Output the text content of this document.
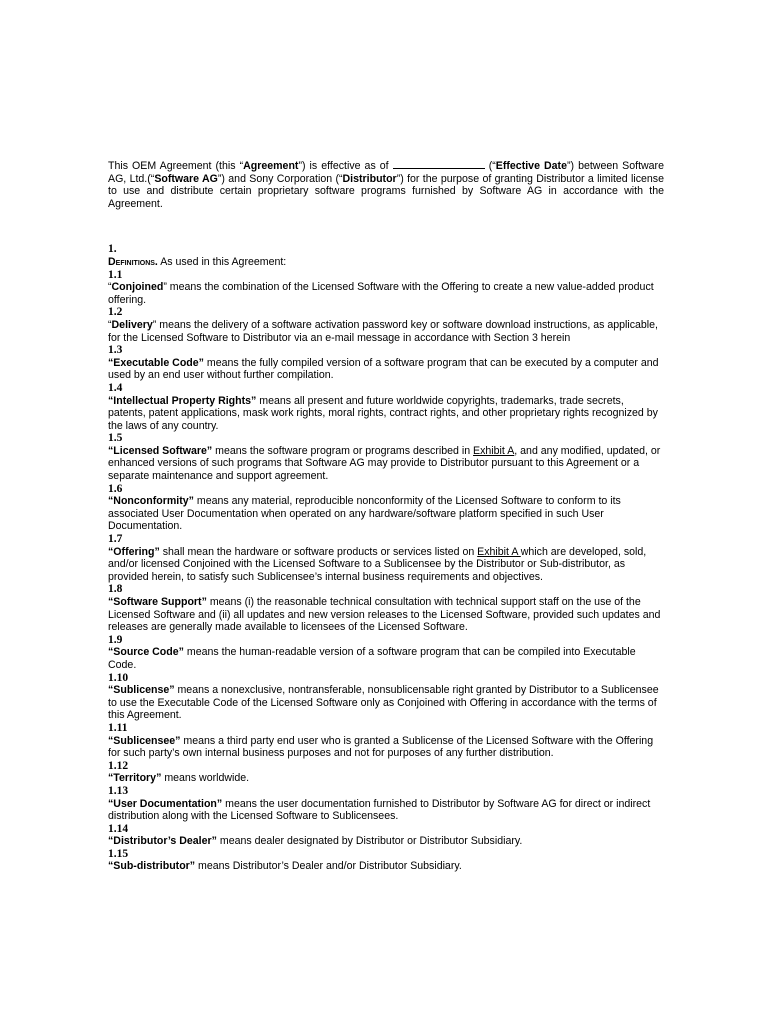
This OEM Agreement (this “Agreement”) is effective as of	(“Effective Date”) between Software AG, Ltd.(“Software AG”) and Sony Corporation (“Distributor”) for the purpose of granting Distributor a limited license to use and distribute certain proprietary software programs furnished by Software AG in accordance with the Agreement.

1.

Definitions. As used in this Agreement:

1.1

“Conjoined” means the combination of the Licensed Software with the Offering to create a new value-added product offering.

1.2

“Delivery” means the delivery of a software activation password key or software download instructions, as applicable, for the Licensed Software to Distributor via an e-mail message in accordance with Section 3 herein

1.3

“Executable Code” means the fully compiled version of a software program that can be executed by a computer and used by an end user without further compilation.

1.4

“Intellectual Property Rights” means all present and future worldwide copyrights, trademarks, trade secrets, patents, patent applications, mask work rights, moral rights, contract rights, and other proprietary rights recognized by the laws of any country.

1.5

“Licensed Software” means the software program or programs described in Exhibit A, and any modified, updated, or enhanced versions of such programs that Software AG may provide to Distributor pursuant to this Agreement or a separate maintenance and support agreement.

1.6

“Nonconformity” means any material, reproducible nonconformity of the Licensed Software to conform to its associated User Documentation when operated on any hardware/software platform specified in such User Documentation.

1.7

“Offering” shall mean the hardware or software products or services listed on Exhibit A which are developed, sold, and/or licensed Conjoined with the Licensed Software to a Sublicensee by the Distributor or Sub-distributor, as provided herein, to satisfy such Sublicensee’s internal business requirements and objectives.

1.8

“Software Support” means (i) the reasonable technical consultation with technical support staff on the use of the Licensed Software and (ii) all updates and new version releases to the Licensed Software, provided such updates and releases are generally made available to licensees of the Licensed Software.

1.9

“Source Code” means the human-readable version of a software program that can be compiled into Executable Code.

1.10

“Sublicense” means a nonexclusive, nontransferable, nonsublicensable right granted by Distributor to a Sublicensee to use the Executable Code of the Licensed Software only as Conjoined with Offering in accordance with the terms of this Agreement.

1.11

“Sublicensee” means a third party end user who is granted a Sublicense of the Licensed Software with the Offering for such party’s own internal business purposes and not for purposes of any further distribution.

1.12

“Territory” means worldwide.

1.13

“User Documentation” means the user documentation furnished to Distributor by Software AG for direct or indirect distribution along with the Licensed Software to Sublicensees.

1.14

“Distributor’s Dealer” means dealer designated by Distributor or Distributor Subsidiary.

1.15

“Sub-distributor” means Distributor’s Dealer and/or Distributor Subsidiary.
